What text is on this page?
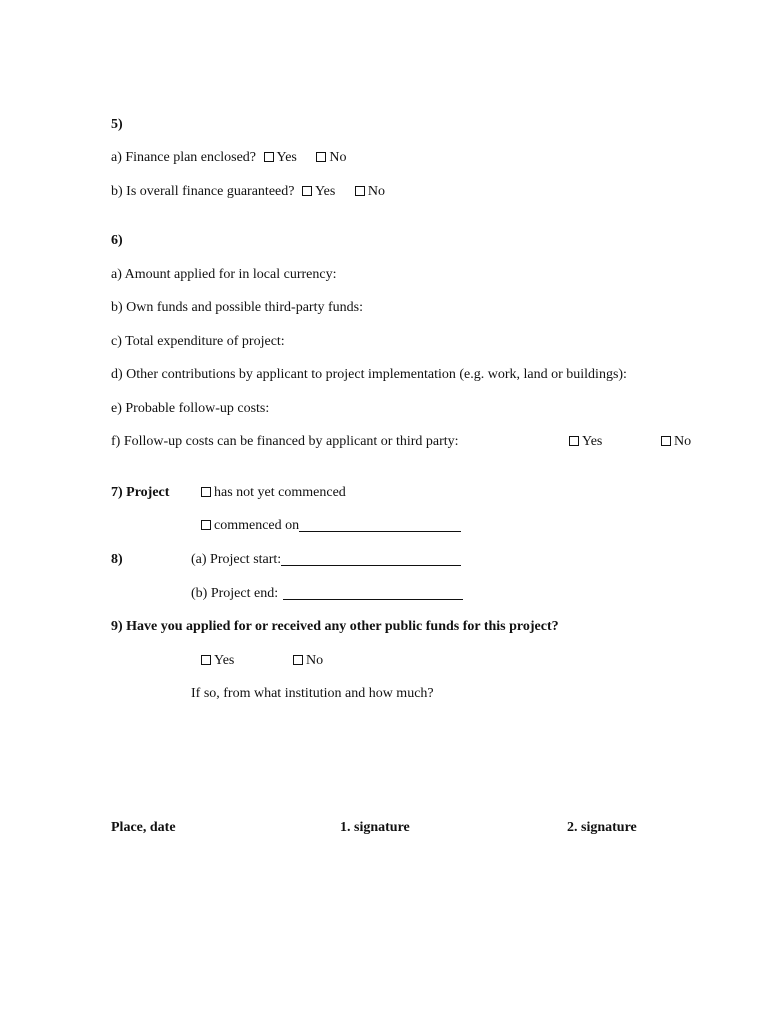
5)
a) Finance plan enclosed? Yes No
b) Is overall finance guaranteed? Yes No
6)
a) Amount applied for in local currency:
b) Own funds and possible third-party funds:
c) Total expenditure of project:
d) Other contributions by applicant to project implementation (e.g. work, land or buildings):
e) Probable follow-up costs:
f) Follow-up costs can be financed by applicant or third party:	Yes	No
7) Project	has not yet commenced
commenced on
8)	(a) Project start:
(b) Project end:
9) Have you applied for or received any other public funds for this project?
Yes	No
If so, from what institution and how much?
Place, date	1. signature	2. signature
